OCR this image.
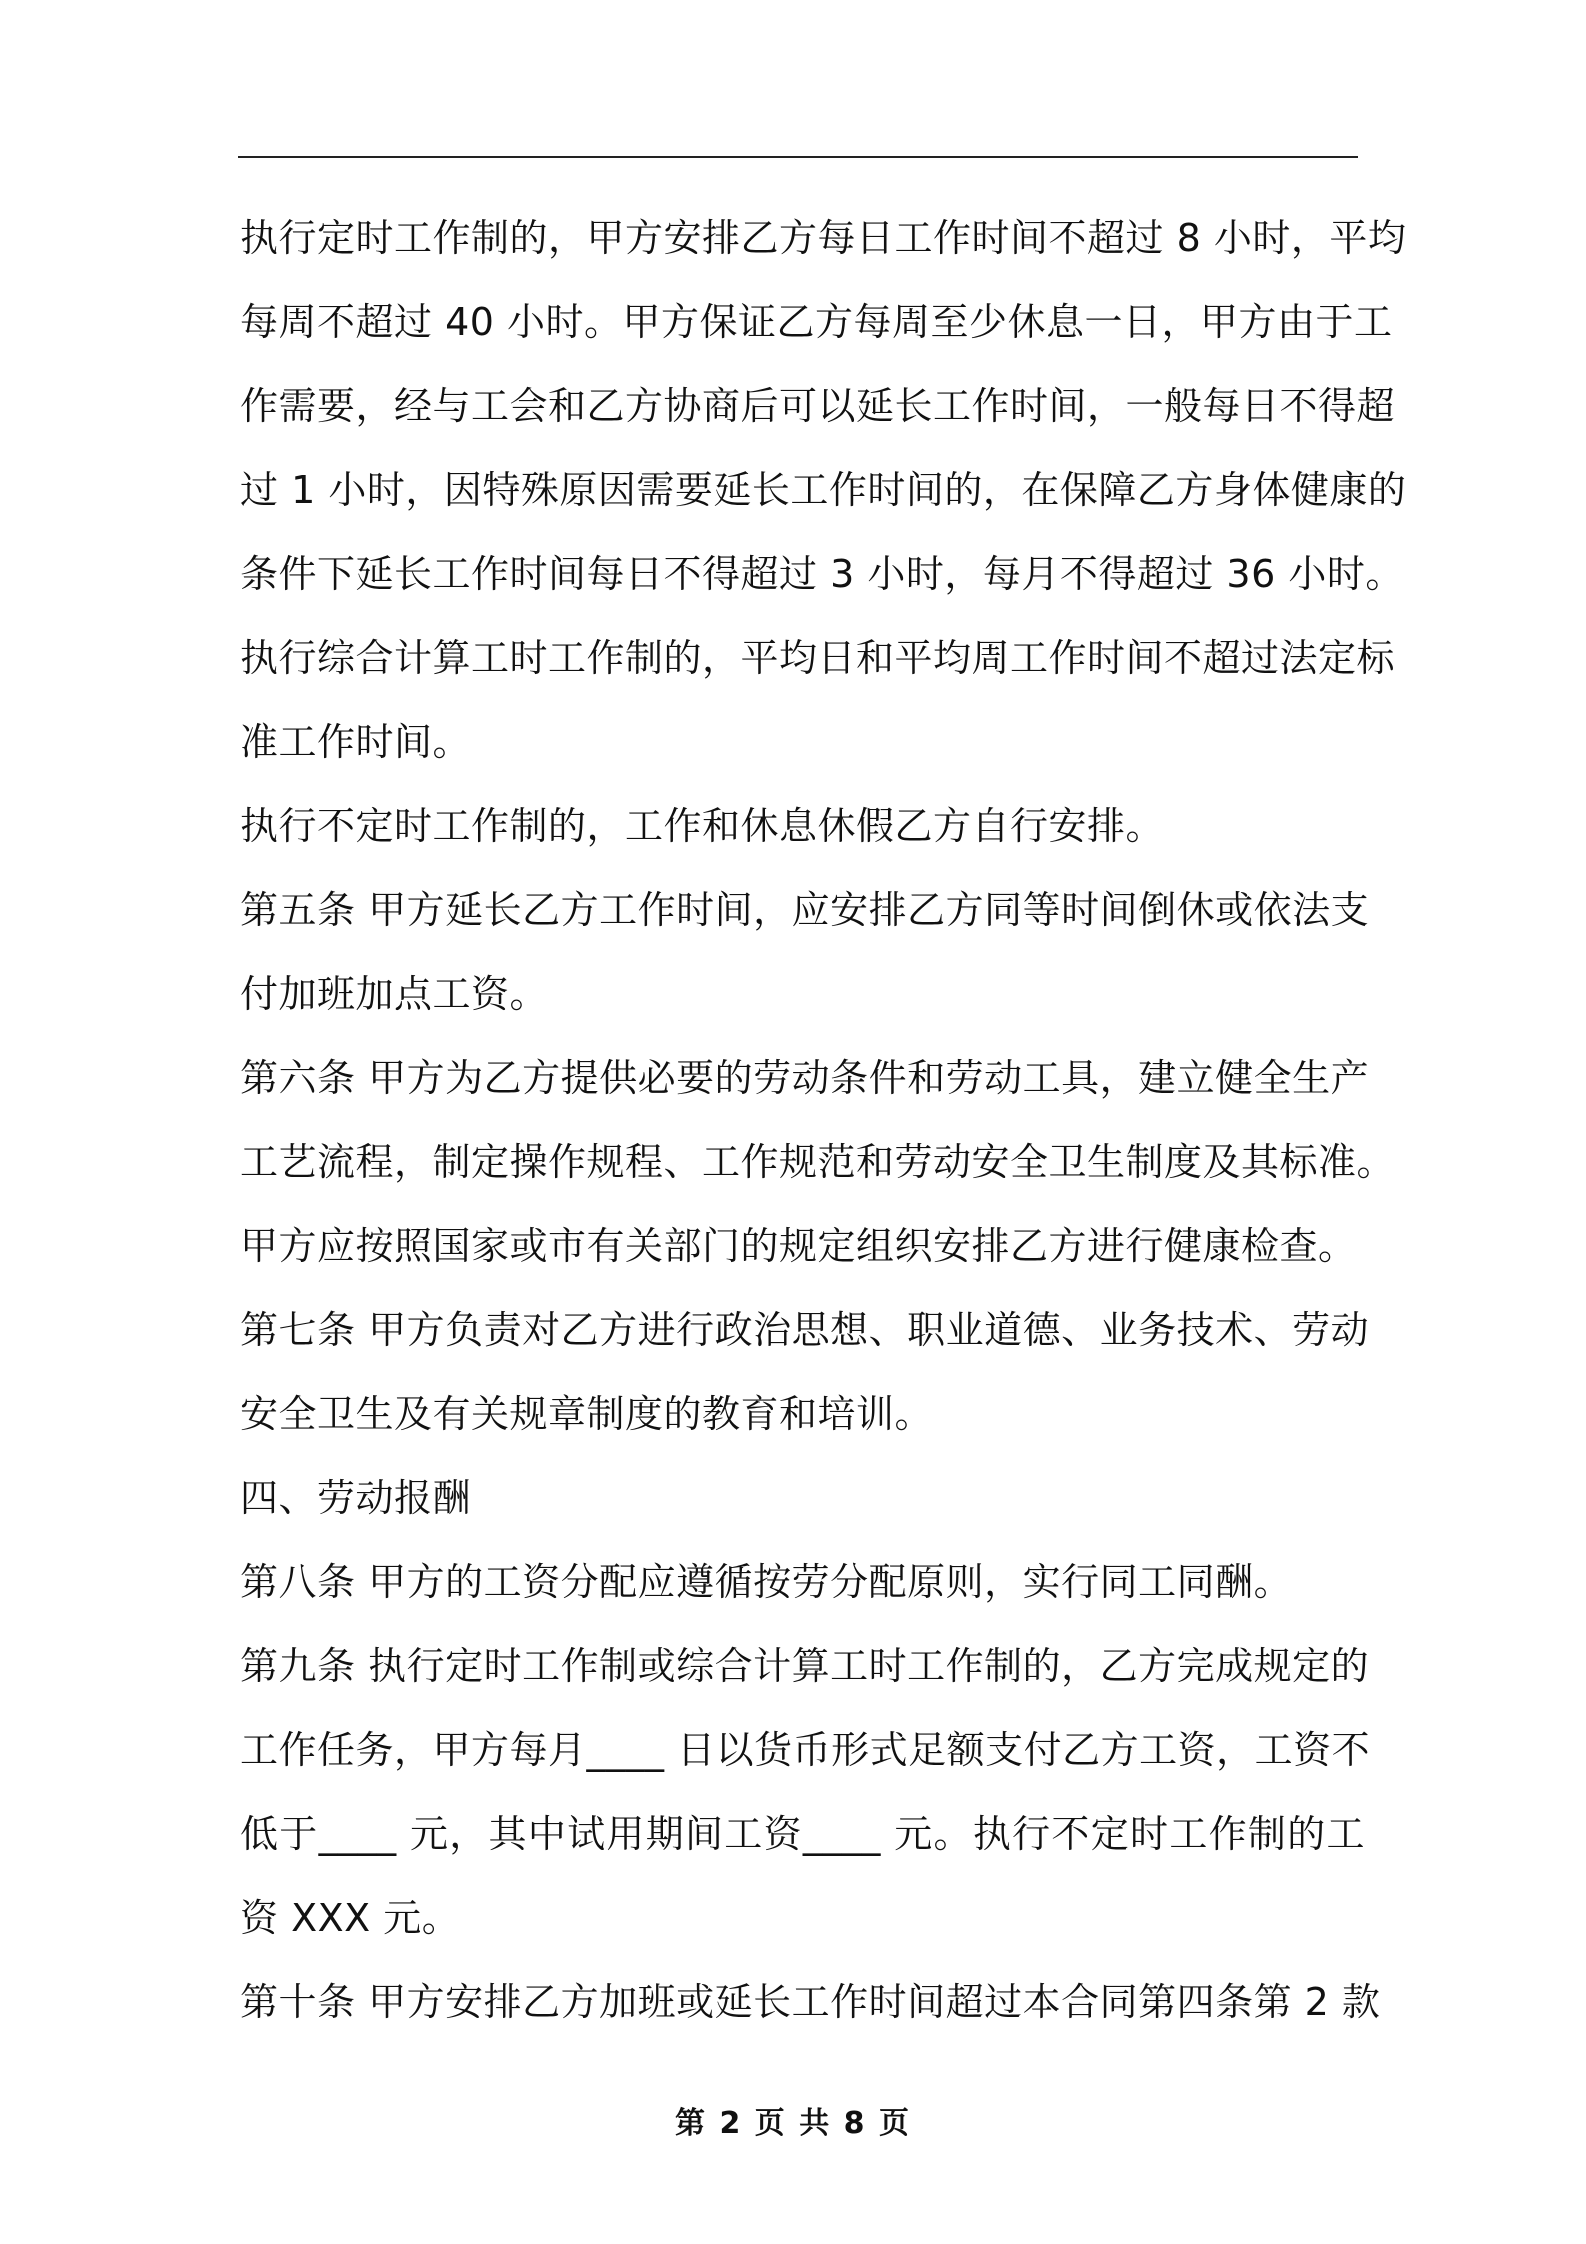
执行定时工作制的，甲方安排乙方每日工作时间不超过 8 小时，平均
每周不超过 40 小时。甲方保证乙方每周至少休息一日，甲方由于工
作需要，经与工会和乙方协商后可以延长工作时间，一般每日不得超
过 1 小时，因特殊原因需要延长工作时间的，在保障乙方身体健康的
条件下延长工作时间每日不得超过 3 小时，每月不得超过 36 小时。
执行综合计算工时工作制的，平均日和平均周工作时间不超过法定标
准工作时间。
执行不定时工作制的，工作和休息休假乙方自行安排。
第五条 甲方延长乙方工作时间，应安排乙方同等时间倒休或依法支
付加班加点工资。
第六条 甲方为乙方提供必要的劳动条件和劳动工具，建立健全生产
工艺流程，制定操作规程、工作规范和劳动安全卫生制度及其标准。
甲方应按照国家或市有关部门的规定组织安排乙方进行健康检查。
第七条 甲方负责对乙方进行政治思想、职业道德、业务技术、劳动
安全卫生及有关规章制度的教育和培训。
四、劳动报酬
第八条 甲方的工资分配应遵循按劳分配原则，实行同工同酬。
第九条 执行定时工作制或综合计算工时工作制的，乙方完成规定的
工作任务，甲方每月____ 日以货币形式足额支付乙方工资，工资不
低于____ 元，其中试用期间工资____ 元。执行不定时工作制的工
资 XXX 元。
第十条 甲方安排乙方加班或延长工作时间超过本合同第四条第 2 款
第 2 页 共 8 页
